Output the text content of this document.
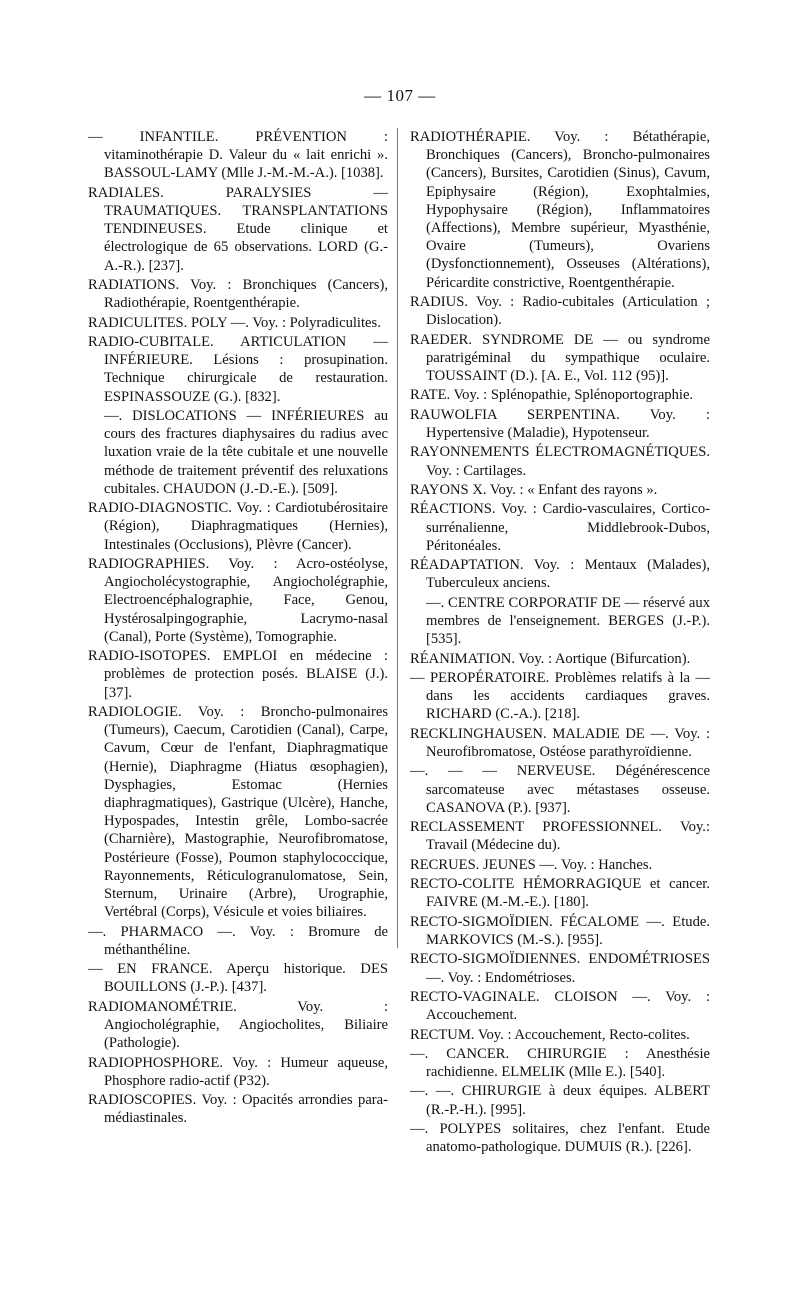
— 107 —

— INFANTILE. PRÉVENTION : vitaminothérapie D. Valeur du « lait enrichi ». BASSOUL-LAMY (Mlle J.-M.-M.-A.). [1038].

RADIALES. PARALYSIES — TRAUMATIQUES. TRANSPLANTATIONS TENDINEUSES. Etude clinique et électrologique de 65 observations. LORD (G.-A.-R.). [237].

RADIATIONS. Voy. : Bronchiques (Cancers), Radiothérapie, Roentgenthérapie.

RADICULITES. POLY —. Voy. : Polyradiculites.

RADIO-CUBITALE. ARTICULATION — INFÉRIEURE. Lésions : prosupination. Technique chirurgicale de restauration. ESPINASSOUZE (G.). [832].

—. DISLOCATIONS — INFÉRIEURES au cours des fractures diaphysaires du radius avec luxation vraie de la tête cubitale et une nouvelle méthode de traitement préventif des reluxations cubitales. CHAUDON (J.-D.-E.). [509].

RADIO-DIAGNOSTIC. Voy. : Cardiotubérositaire (Région), Diaphragmatiques (Hernies), Intestinales (Occlusions), Plèvre (Cancer).

RADIOGRAPHIES. Voy. : Acro-ostéolyse, Angiocholécystographie, Angiocholégraphie, Electroencéphalographie, Face, Genou, Hystérosalpingographie, Lacrymo-nasal (Canal), Porte (Système), Tomographie.

RADIO-ISOTOPES. EMPLOI en médecine : problèmes de protection posés. BLAISE (J.). [37].

RADIOLOGIE. Voy. : Broncho-pulmonaires (Tumeurs), Caecum, Carotidien (Canal), Carpe, Cavum, Cœur de l'enfant, Diaphragmatique (Hernie), Diaphragme (Hiatus œsophagien), Dysphagies, Estomac (Hernies diaphragmatiques), Gastrique (Ulcère), Hanche, Hypospades, Intestin grêle, Lombo-sacrée (Charnière), Mastographie, Neurofibromatose, Postérieure (Fosse), Poumon staphylococcique, Rayonnements, Réticulogranulomatose, Sein, Sternum, Urinaire (Arbre), Urographie, Vertébral (Corps), Vésicule et voies biliaires.

—. PHARMACO —. Voy. : Bromure de méthanthéline.

— EN FRANCE. Aperçu historique. DES BOUILLONS (J.-P.). [437].

RADIOMANOMÉTRIE. Voy. : Angiocholégraphie, Angiocholites, Biliaire (Pathologie).

RADIOPHOSPHORE. Voy. : Humeur aqueuse, Phosphore radio-actif (P32).

RADIOSCOPIES. Voy. : Opacités arrondies para-médiastinales.

RADIOTHÉRAPIE. Voy. : Bétathérapie, Bronchiques (Cancers), Broncho-pulmonaires (Cancers), Bursites, Carotidien (Sinus), Cavum, Epiphysaire (Région), Exophtalmies, Hypophysaire (Région), Inflammatoires (Affections), Membre supérieur, Myasthénie, Ovaire (Tumeurs), Ovariens (Dysfonctionnement), Osseuses (Altérations), Péricardite constrictive, Roentgenthérapie.

RADIUS. Voy. : Radio-cubitales (Articulation ; Dislocation).

RAEDER. SYNDROME DE — ou syndrome paratrigéminal du sympathique oculaire. TOUSSAINT (D.). [A. E., Vol. 112 (95)].

RATE. Voy. : Splénopathie, Splénoportographie.

RAUWOLFIA SERPENTINA. Voy. : Hypertensive (Maladie), Hypotenseur.

RAYONNEMENTS ÉLECTROMAGNÉTIQUES. Voy. : Cartilages.

RAYONS X. Voy. : « Enfant des rayons ».

RÉACTIONS. Voy. : Cardio-vasculaires, Cortico-surrénalienne, Middlebrook-Dubos, Péritonéales.

RÉADAPTATION. Voy. : Mentaux (Malades), Tuberculeux anciens.

—. CENTRE CORPORATIF DE — réservé aux membres de l'enseignement. BERGES (J.-P.). [535].

RÉANIMATION. Voy. : Aortique (Bifurcation).

— PEROPÉRATOIRE. Problèmes relatifs à la — dans les accidents cardiaques graves. RICHARD (C.-A.). [218].

RECKLINGHAUSEN. MALADIE DE —. Voy. : Neurofibromatose, Ostéose parathyroïdienne.

—. — — NERVEUSE. Dégénérescence sarcomateuse avec métastases osseuse. CASANOVA (P.). [937].

RECLASSEMENT PROFESSIONNEL. Voy.: Travail (Médecine du).

RECRUES. JEUNES —. Voy. : Hanches.

RECTO-COLITE HÉMORRAGIQUE et cancer. FAIVRE (M.-M.-E.). [180].

RECTO-SIGMOÏDIEN. FÉCALOME —. Etude. MARKOVICS (M.-S.). [955].

RECTO-SIGMOÏDIENNES. ENDOMÉTRIOSES —. Voy. : Endométrioses.

RECTO-VAGINALE. CLOISON —. Voy. : Accouchement.

RECTUM. Voy. : Accouchement, Recto-colites.

—. CANCER. CHIRURGIE : Anesthésie rachidienne. ELMELIK (Mlle E.). [540].

—. —. CHIRURGIE à deux équipes. ALBERT (R.-P.-H.). [995].

—. POLYPES solitaires, chez l'enfant. Etude anatomo-pathologique. DUMUIS (R.). [226].
